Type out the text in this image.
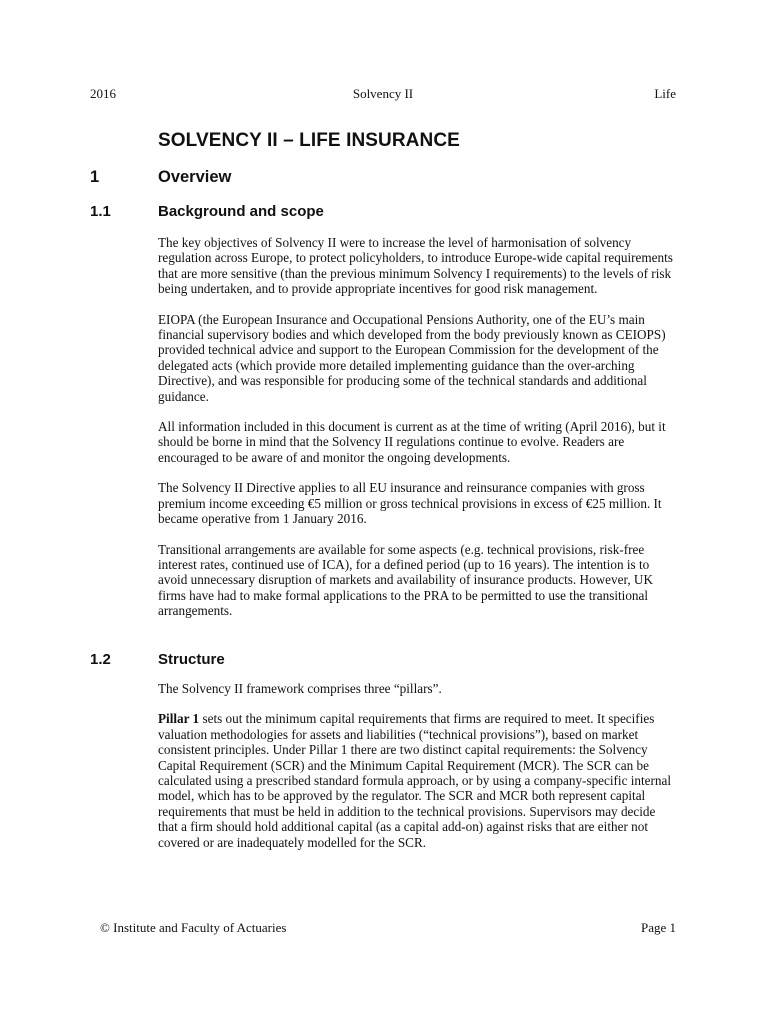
2016	Solvency II	Life
SOLVENCY II – LIFE INSURANCE
1	Overview
1.1	Background and scope

The key objectives of Solvency II were to increase the level of harmonisation of solvency regulation across Europe, to protect policyholders, to introduce Europe-wide capital requirements that are more sensitive (than the previous minimum Solvency I requirements) to the levels of risk being undertaken, and to provide appropriate incentives for good risk management.

EIOPA (the European Insurance and Occupational Pensions Authority, one of the EU’s main financial supervisory bodies and which developed from the body previously known as CEIOPS) provided technical advice and support to the European Commission for the development of the delegated acts (which provide more detailed implementing guidance than the over-arching Directive), and was responsible for producing some of the technical standards and additional guidance.

All information included in this document is current as at the time of writing (April 2016), but it should be borne in mind that the Solvency II regulations continue to evolve. Readers are encouraged to be aware of and monitor the ongoing developments.

The Solvency II Directive applies to all EU insurance and reinsurance companies with gross premium income exceeding €5 million or gross technical provisions in excess of €25 million. It became operative from 1 January 2016.

Transitional arrangements are available for some aspects (e.g. technical provisions, risk-free interest rates, continued use of ICA), for a defined period (up to 16 years). The intention is to avoid unnecessary disruption of markets and availability of insurance products. However, UK firms have had to make formal applications to the PRA to be permitted to use the transitional arrangements.

1.2	Structure

The Solvency II framework comprises three “pillars”.

Pillar 1 sets out the minimum capital requirements that firms are required to meet. It specifies valuation methodologies for assets and liabilities (“technical provisions”), based on market consistent principles. Under Pillar 1 there are two distinct capital requirements: the Solvency Capital Requirement (SCR) and the Minimum Capital Requirement (MCR). The SCR can be calculated using a prescribed standard formula approach, or by using a company-specific internal model, which has to be approved by the regulator. The SCR and MCR both represent capital requirements that must be held in addition to the technical provisions. Supervisors may decide that a firm should hold additional capital (as a capital add-on) against risks that are either not covered or are inadequately modelled for the SCR.

© Institute and Faculty of Actuaries	Page 1
